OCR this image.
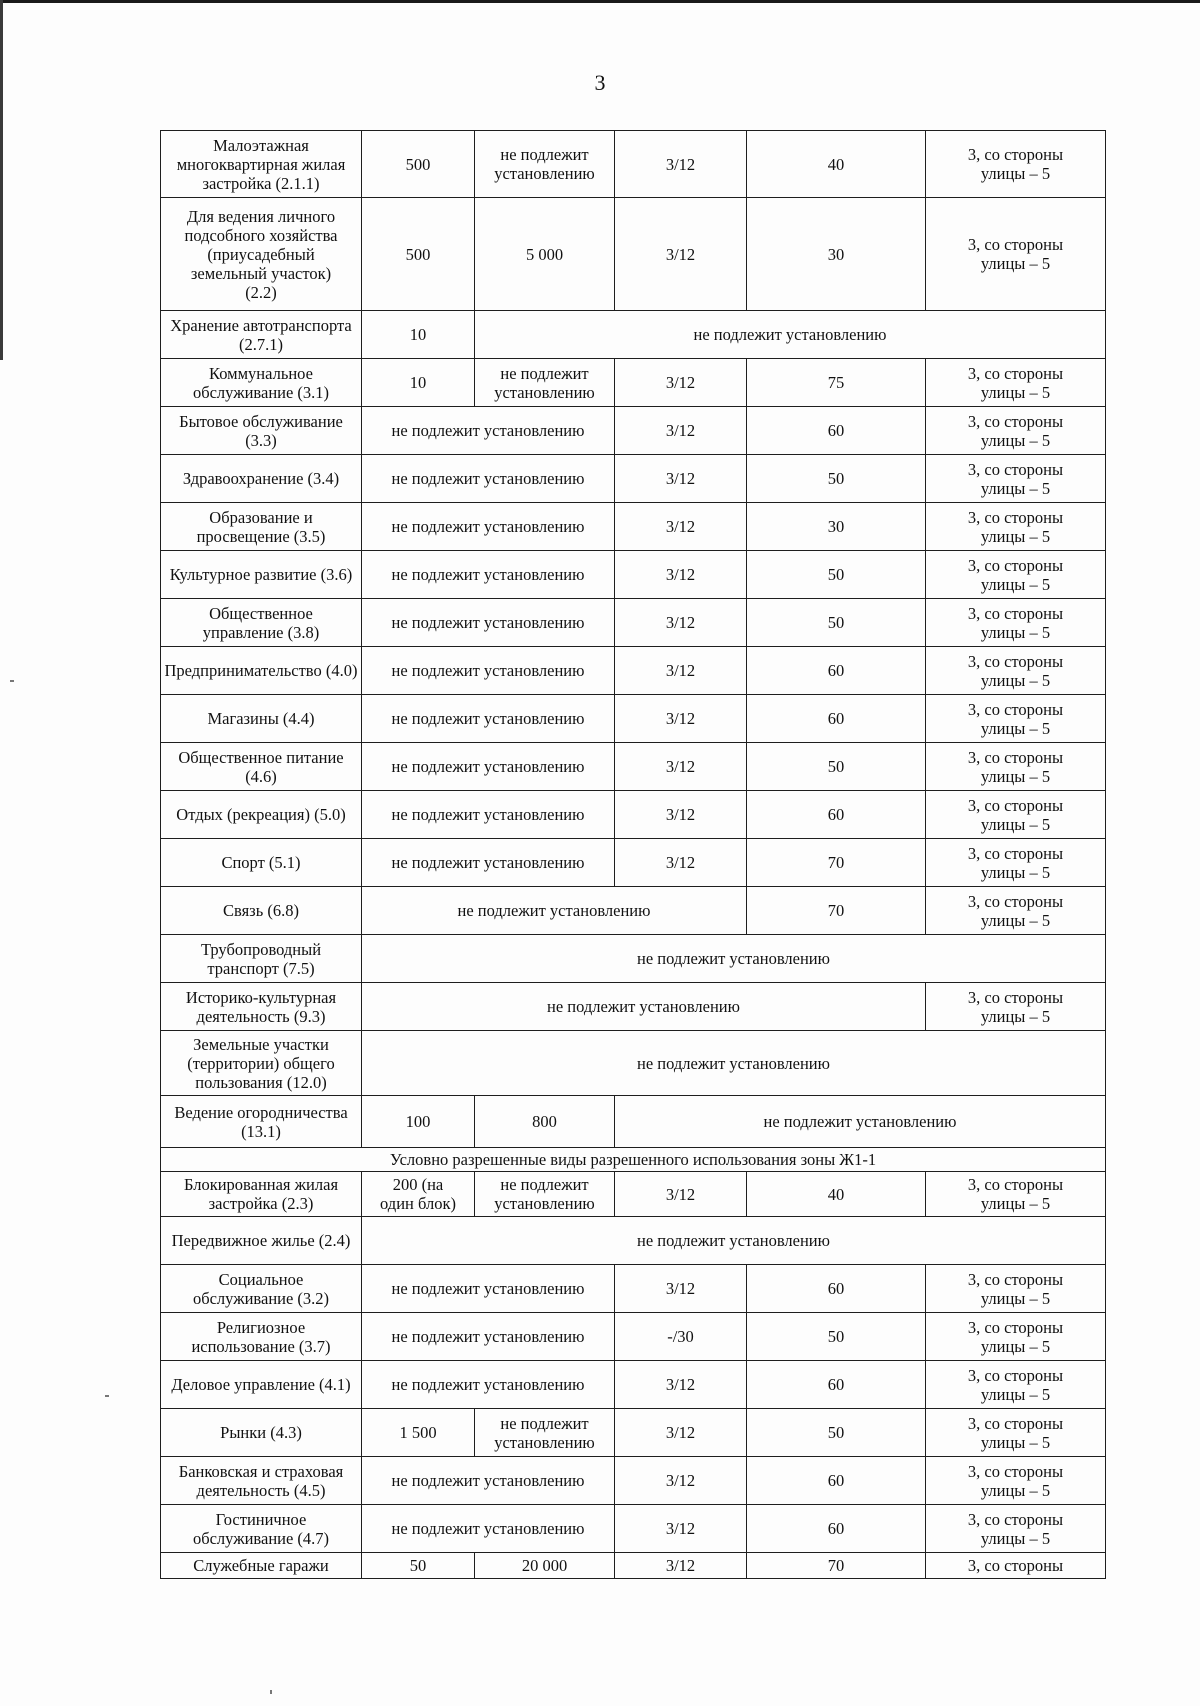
3
Малоэтажная многоквартирная жилая застройка (2.1.1)	500	не подлежит установлению	3/12	40	3, со стороны улицы – 5
Для ведения личного подсобного хозяйства (приусадебный земельный участок) (2.2)	500	5 000	3/12	30	3, со стороны улицы – 5
Хранение автотранспорта (2.7.1)	10	не подлежит установлению			
Коммунальное обслуживание (3.1)	10	не подлежит установлению	3/12	75	3, со стороны улицы – 5
Бытовое обслуживание (3.3)	не подлежит установлению		3/12	60	3, со стороны улицы – 5
Здравоохранение (3.4)	не подлежит установлению		3/12	50	3, со стороны улицы – 5
Образование и просвещение (3.5)	не подлежит установлению		3/12	30	3, со стороны улицы – 5
Культурное развитие (3.6)	не подлежит установлению		3/12	50	3, со стороны улицы – 5
Общественное управление (3.8)	не подлежит установлению		3/12	50	3, со стороны улицы – 5
Предпринимательство (4.0)	не подлежит установлению		3/12	60	3, со стороны улицы – 5
Магазины (4.4)	не подлежит установлению		3/12	60	3, со стороны улицы – 5
Общественное питание (4.6)	не подлежит установлению		3/12	50	3, со стороны улицы – 5
Отдых (рекреация) (5.0)	не подлежит установлению		3/12	60	3, со стороны улицы – 5
Спорт (5.1)	не подлежит установлению		3/12	70	3, со стороны улицы – 5
Связь (6.8)	не подлежит установлению			70	3, со стороны улицы – 5
Трубопроводный транспорт (7.5)	не подлежит установлению				
Историко-культурная деятельность (9.3)	не подлежит установлению				3, со стороны улицы – 5
Земельные участки (территории) общего пользования (12.0)	не подлежит установлению				
Ведение огородничества (13.1)	100	800	не подлежит установлению		
Условно разрешенные виды разрешенного использования зоны Ж1-1					
Блокированная жилая застройка (2.3)	200 (на один блок)	не подлежит установлению	3/12	40	3, со стороны улицы – 5
Передвижное жилье (2.4)	не подлежит установлению				
Социальное обслуживание (3.2)	не подлежит установлению		3/12	60	3, со стороны улицы – 5
Религиозное использование (3.7)	не подлежит установлению		-/30	50	3, со стороны улицы – 5
Деловое управление (4.1)	не подлежит установлению		3/12	60	3, со стороны улицы – 5
Рынки (4.3)	1 500	не подлежит установлению	3/12	50	3, со стороны улицы – 5
Банковская и страховая деятельность (4.5)	не подлежит установлению		3/12	60	3, со стороны улицы – 5
Гостиничное обслуживание (4.7)	не подлежит установлению		3/12	60	3, со стороны улицы – 5
Служебные гаражи	50	20 000	3/12	70	3, со стороны
